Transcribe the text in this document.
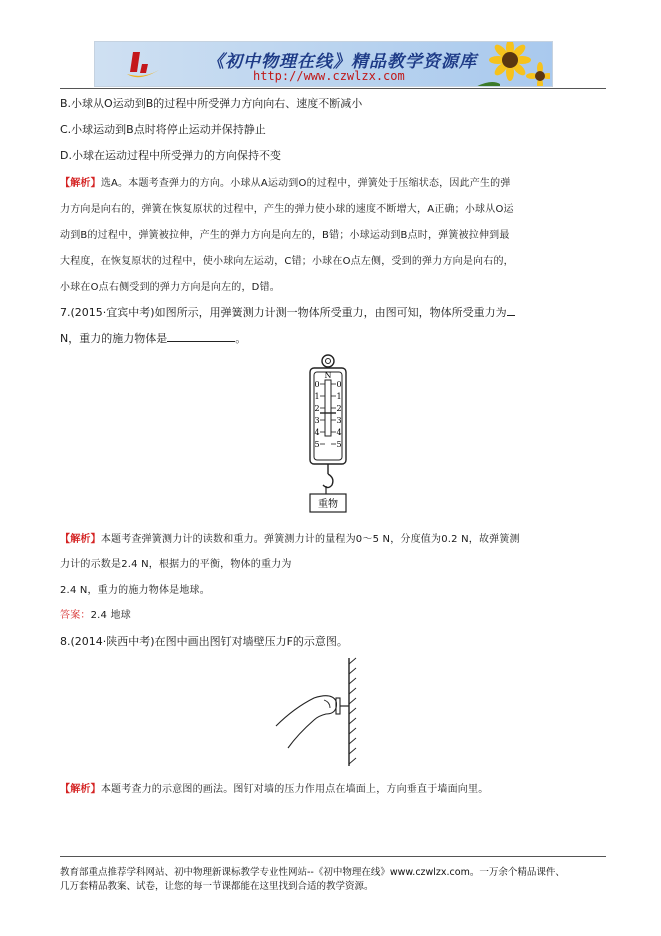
《初中物理在线》精品教学资源库
http://www.czwlzx.com
B.小球从O运动到B的过程中所受弹力方向向右、速度不断减小
C.小球运动到B点时将停止运动并保持静止
D.小球在运动过程中所受弹力的方向保持不变
【解析】选A。本题考查弹力的方向。小球从A运动到O的过程中，弹簧处于压缩状态，因此产生的弹
力方向是向右的，弹簧在恢复原状的过程中，产生的弹力使小球的速度不断增大，A正确；小球从O运
动到B的过程中，弹簧被拉伸，产生的弹力方向是向左的，B错；小球运动到B点时，弹簧被拉伸到最
大程度，在恢复原状的过程中，使小球向左运动，C错；小球在O点左侧，受到的弹力方向是向右的，
小球在O点右侧受到的弹力方向是向左的，D错。
7.(2015·宜宾中考)如图所示，用弹簧测力计测一物体所受重力，由图可知，物体所受重力为
N，重力的施力物体是	。
N
0
1
2
3
4
5
0
1
2
3
4
5
重物
【解析】本题考查弹簧测力计的读数和重力。弹簧测力计的量程为0～5 N，分度值为0.2 N，故弹簧测
力计的示数是2.4 N，根据力的平衡，物体的重力为
2.4 N，重力的施力物体是地球。
答案：2.4 地球
8.(2014·陕西中考)在图中画出图钉对墙壁压力F的示意图。
【解析】本题考查力的示意图的画法。图钉对墙的压力作用点在墙面上，方向垂直于墙面向里。
教育部重点推荐学科网站、初中物理新课标教学专业性网站--《初中物理在线》www.czwlzx.com。一万余个精品课件、
几万套精品教案、试卷，让您的每一节课都能在这里找到合适的教学资源。
